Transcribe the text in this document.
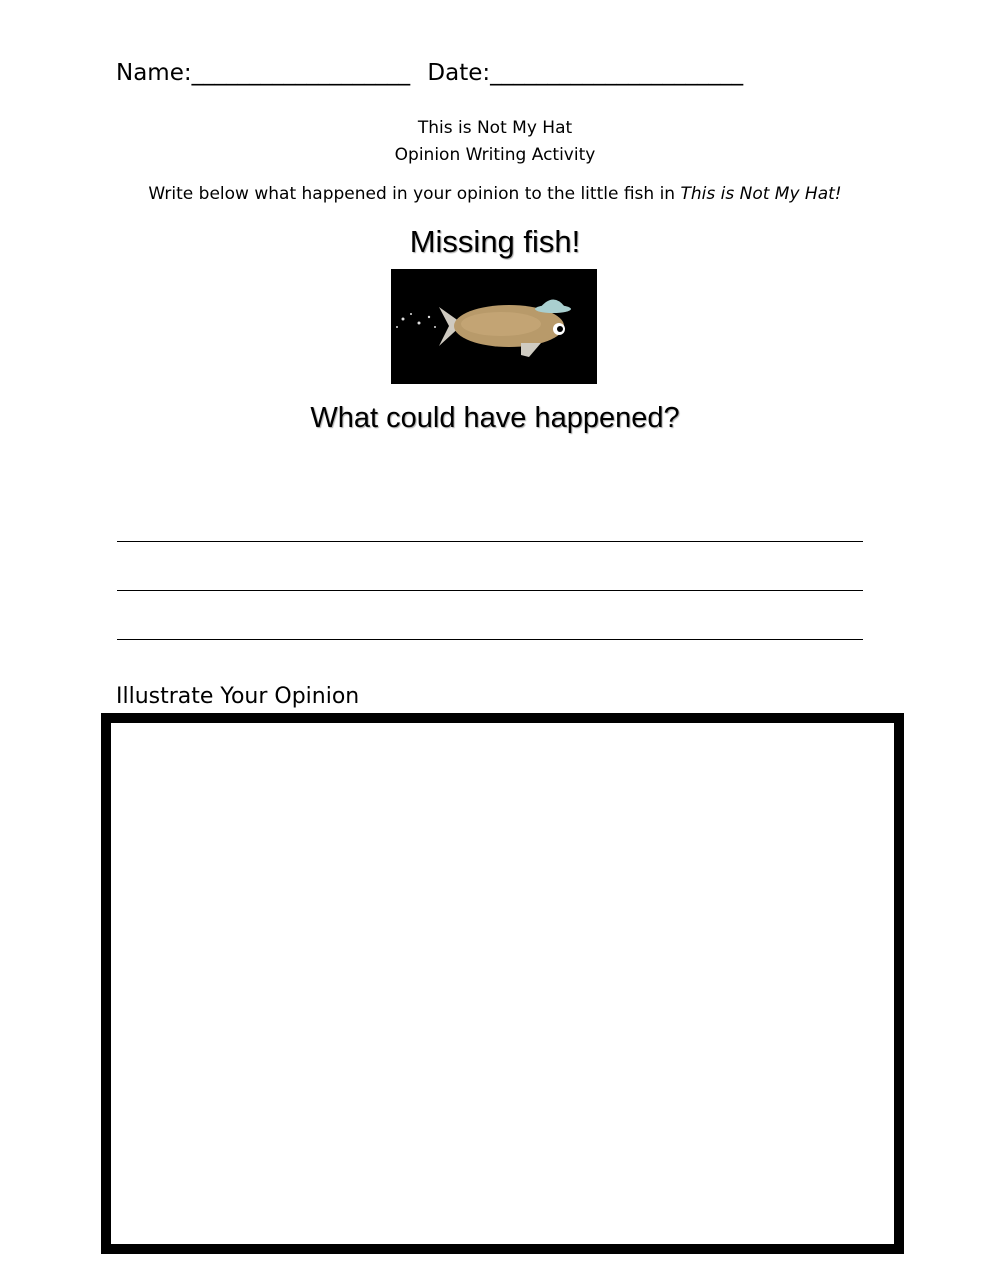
Name:___________________ Date:______________________
This is Not My Hat
Opinion Writing Activity
Write below what happened in your opinion to the little fish in This is Not My Hat!
Missing fish!
What could have happened?
Illustrate Your Opinion
